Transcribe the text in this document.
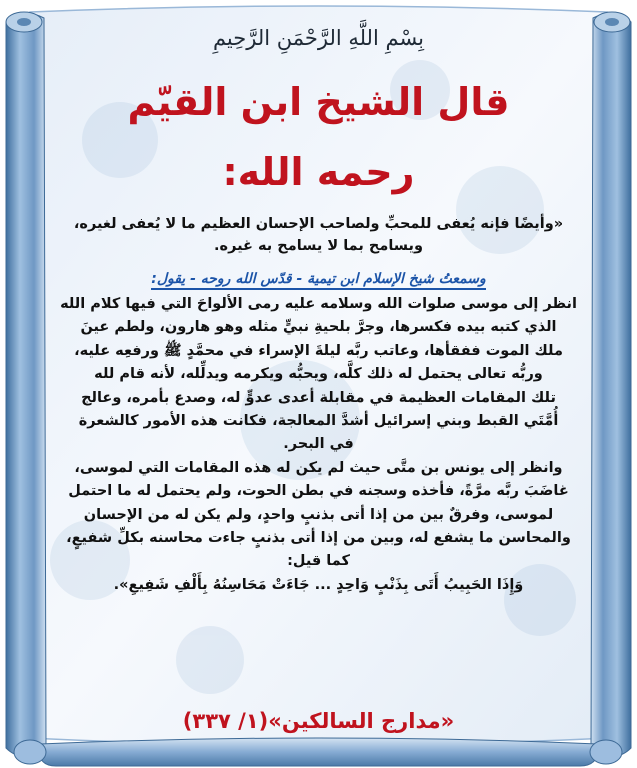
بِسْمِ اللَّهِ الرَّحْمَنِ الرَّحِيمِ
قال الشيخ ابن القيّم
رحمه الله:
«وأيضًا فإنه يُعفى للمحبِّ ولصاحب الإحسان العظيم ما لا يُعفى لغيره،
ويسامح بما لا يسامح به غيره.
وسمعتُ شيخ الإسلام ابن تيمية - قدّس الله روحه - يقول:
انظر إلى موسى صلوات الله وسلامه عليه رمى الألواحَ التي فيها كلام الله
الذي كتبه بيده فكسرها، وجرَّ بلحيةِ نبيٍّ مثله وهو هارون، ولطم عينَ
ملك الموت ففقأها، وعاتب ربَّه ليلةَ الإسراء في محمَّدٍ ﷺ ورفعِه عليه،
وربُّه تعالى يحتمل له ذلك كلَّه، ويحبُّه ويكرمه ويدلِّله، لأنه قام لله
تلك المقامات العظيمة في مقابلة أعدى عدوٍّ له، وصدع بأمره، وعالج
أُمَّتَي القبط وبني إسرائيل أشدَّ المعالجة، فكانت هذه الأمور كالشعرة
في البحر.
وانظر إلى يونس بن متَّى حيث لم يكن له هذه المقامات التي لموسى،
غاضَبَ ربَّه مرَّةً، فأخذه وسجنه في بطن الحوت، ولم يحتمل له ما احتمل
لموسى، وفرقٌ بين من إذا أتى بذنبٍ واحدٍ، ولم يكن له من الإحسان
والمحاسن ما يشفع له، وبين من إذا أتى بذنبٍ جاءت محاسنه بكلِّ شفيعٍ،
كما قيل:
وَإِذَا الحَبِيبُ أَتَى بِذَنْبٍ وَاحِدٍ ... جَاءَتْ مَحَاسِنُهُ بِأَلْفِ شَفِيعِ».
«مدارج السالكين»(١/ ٣٣٧)
